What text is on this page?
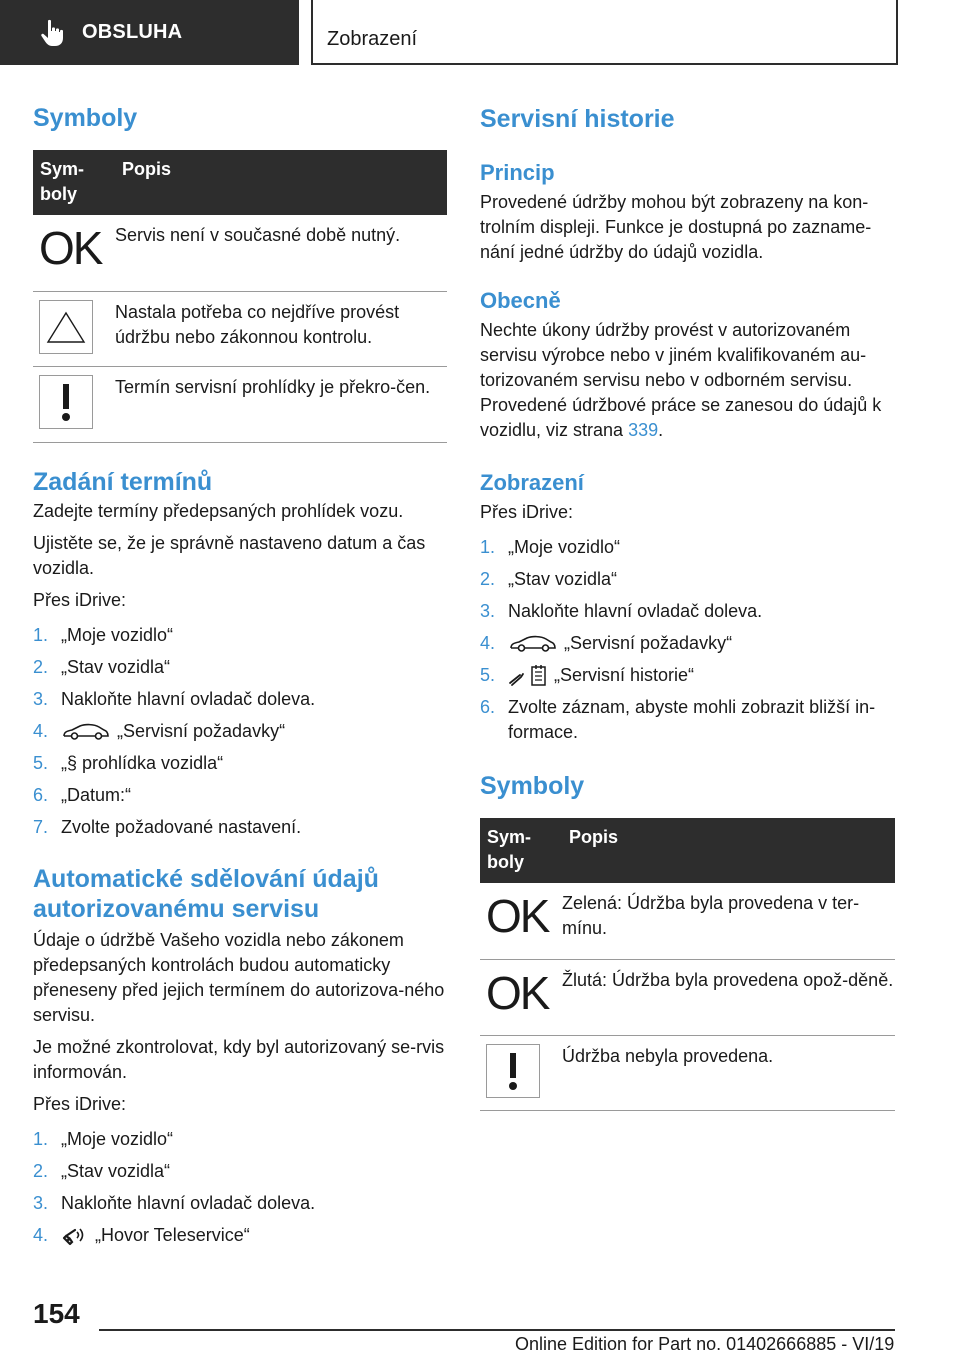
OBSLUHA	Zobrazení
Symboly
Sym-
boly	Popis

OK	Servis není v současné době nutný.

	Nastala potřeba co nejdříve provést údržbu nebo zákonnou kontrolu.

	Termín servisní prohlídky je překro-čen.
Zadání termínů

Zadejte termíny předepsaných prohlídek vozu.

Ujistěte se, že je správně nastaveno datum a čas vozidla.

Přes iDrive:

1. „Moje vozidlo“
2. „Stav vozidla“
3. Nakloňte hlavní ovladač doleva.
4.	„Servisní požadavky“
5. „§ prohlídka vozidla“
6. „Datum:“
7. Zvolte požadované nastavení.
Automatické sdělování údajů autorizovanému servisu

Údaje o údržbě Vašeho vozidla nebo zákonem předepsaných kontrolách budou automaticky přeneseny před jejich termínem do autorizova-ného servisu.

Je možné zkontrolovat, kdy byl autorizovaný se-rvis informován.

Přes iDrive:

1. „Moje vozidlo“
2. „Stav vozidla“
3. Nakloňte hlavní ovladač doleva.
4.	„Hovor Teleservice“
Servisní historie
Princip

Provedené údržby mohou být zobrazeny na kon-trolním displeji. Funkce je dostupná po zazname-nání jedné údržby do údajů vozidla.

Obecně

Nechte úkony údržby provést v autorizovaném servisu výrobce nebo v jiném kvalifikovaném au-torizovaném servisu nebo v odborném servisu. Provedené údržbové práce se zanesou do údajů k vozidlu, viz strana 339.

Zobrazení

Přes iDrive:

1. „Moje vozidlo“
2. „Stav vozidla“
3. Nakloňte hlavní ovladač doleva.
4.	„Servisní požadavky“
5.	„Servisní historie“
6. Zvolte záznam, abyste mohli zobrazit bližší in-formace.
Symboly
Sym-
boly	Popis

OK	Zelená: Údržba byla provedena v ter-mínu.

OK	Žlutá: Údržba byla provedena opož-děně.

	Údržba nebyla provedena.
154
Online Edition for Part no. 01402666885 - VI/19
